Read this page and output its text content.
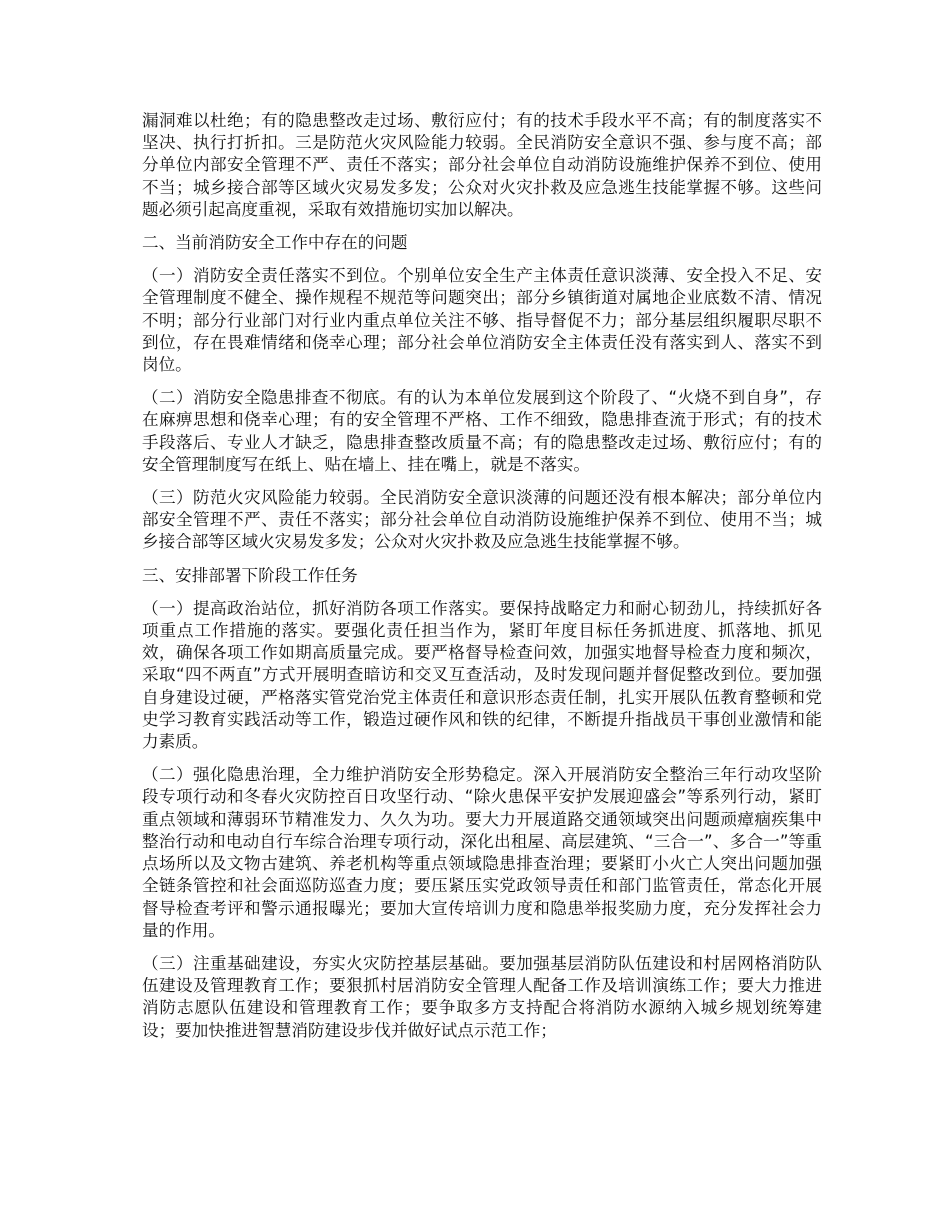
漏洞难以杜绝；有的隐患整改走过场、敷衍应付；有的技术手段水平不高；有的制度落实不坚决、执行打折扣。三是防范火灾风险能力较弱。全民消防安全意识不强、参与度不高；部分单位内部安全管理不严、责任不落实；部分社会单位自动消防设施维护保养不到位、使用不当；城乡接合部等区域火灾易发多发；公众对火灾扑救及应急逃生技能掌握不够。这些问题必须引起高度重视，采取有效措施切实加以解决。

二、当前消防安全工作中存在的问题

（一）消防安全责任落实不到位。个别单位安全生产主体责任意识淡薄、安全投入不足、安全管理制度不健全、操作规程不规范等问题突出；部分乡镇街道对属地企业底数不清、情况不明；部分行业部门对行业内重点单位关注不够、指导督促不力；部分基层组织履职尽职不到位，存在畏难情绪和侥幸心理；部分社会单位消防安全主体责任没有落实到人、落实不到岗位。

（二）消防安全隐患排查不彻底。有的认为本单位发展到这个阶段了、“火烧不到自身”，存在麻痹思想和侥幸心理；有的安全管理不严格、工作不细致，隐患排查流于形式；有的技术手段落后、专业人才缺乏，隐患排查整改质量不高；有的隐患整改走过场、敷衍应付；有的安全管理制度写在纸上、贴在墙上、挂在嘴上，就是不落实。

（三）防范火灾风险能力较弱。全民消防安全意识淡薄的问题还没有根本解决；部分单位内部安全管理不严、责任不落实；部分社会单位自动消防设施维护保养不到位、使用不当；城乡接合部等区域火灾易发多发；公众对火灾扑救及应急逃生技能掌握不够。

三、安排部署下阶段工作任务

（一）提高政治站位，抓好消防各项工作落实。要保持战略定力和耐心韧劲儿，持续抓好各项重点工作措施的落实。要强化责任担当作为，紧盯年度目标任务抓进度、抓落地、抓见效，确保各项工作如期高质量完成。要严格督导检查问效，加强实地督导检查力度和频次，采取“四不两直”方式开展明查暗访和交叉互查活动，及时发现问题并督促整改到位。要加强自身建设过硬，严格落实管党治党主体责任和意识形态责任制，扎实开展队伍教育整顿和党史学习教育实践活动等工作，锻造过硬作风和铁的纪律，不断提升指战员干事创业激情和能力素质。

（二）强化隐患治理，全力维护消防安全形势稳定。深入开展消防安全整治三年行动攻坚阶段专项行动和冬春火灾防控百日攻坚行动、“除火患保平安护发展迎盛会”等系列行动，紧盯重点领域和薄弱环节精准发力、久久为功。要大力开展道路交通领域突出问题顽瘴痼疾集中整治行动和电动自行车综合治理专项行动，深化出租屋、高层建筑、“三合一”、多合一”等重点场所以及文物古建筑、养老机构等重点领域隐患排查治理；要紧盯小火亡人突出问题加强全链条管控和社会面巡防巡查力度；要压紧压实党政领导责任和部门监管责任，常态化开展督导检查考评和警示通报曝光；要加大宣传培训力度和隐患举报奖励力度，充分发挥社会力量的作用。

（三）注重基础建设，夯实火灾防控基层基础。要加强基层消防队伍建设和村居网格消防队伍建设及管理教育工作；要狠抓村居消防安全管理人配备工作及培训演练工作；要大力推进消防志愿队伍建设和管理教育工作；要争取多方支持配合将消防水源纳入城乡规划统筹建设；要加快推进智慧消防建设步伐并做好试点示范工作；
